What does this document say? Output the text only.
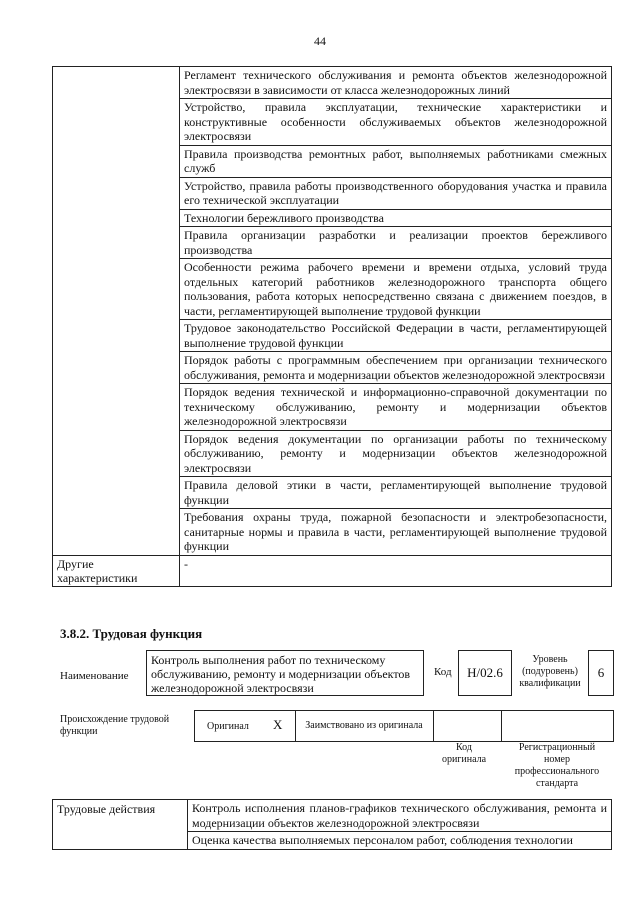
44
	Регламент технического обслуживания и ремонта объектов железнодорожной электросвязи в зависимости от класса железнодорожных линий
	Устройство, правила эксплуатации, технические характеристики и конструктивные особенности обслуживаемых объектов железнодорожной электросвязи
	Правила производства ремонтных работ, выполняемых работниками смежных служб
	Устройство, правила работы производственного оборудования участка и правила его технической эксплуатации
	Технологии бережливого производства
	Правила организации разработки и реализации проектов бережливого производства
	Особенности режима рабочего времени и времени отдыха, условий труда отдельных категорий работников железнодорожного транспорта общего пользования, работа которых непосредственно связана с движением поездов, в части, регламентирующей выполнение трудовой функции
	Трудовое законодательство Российской Федерации в части, регламентирующей выполнение трудовой функции
	Порядок работы с программным обеспечением при организации технического обслуживания, ремонта и модернизации объектов железнодорожной электросвязи
	Порядок ведения технической и информационно-справочной документации по техническому обслуживанию, ремонту и модернизации объектов железнодорожной электросвязи
	Порядок ведения документации по организации работы по техническому обслуживанию, ремонту и модернизации объектов железнодорожной электросвязи
	Правила деловой этики в части, регламентирующей выполнение трудовой функции
	Требования охраны труда, пожарной безопасности и электробезопасности, санитарные нормы и правила в части, регламентирующей выполнение трудовой функции
Другие характеристики	-
3.8.2. Трудовая функция
Наименование
Контроль выполнения работ по техническому обслуживанию, ремонту и модернизации объектов железнодорожной электросвязи
Код H/02.6
Уровень (подуровень) квалификации
6
Происхождение трудовой функции	Оригинал X	Заимствовано из оригинала
Код оригинала
Регистрационный номер профессионального стандарта
Трудовые действия	Контроль исполнения планов-графиков технического обслуживания, ремонта и модернизации объектов железнодорожной электросвязи
Оценка качества выполняемых персоналом работ, соблюдения технологии
